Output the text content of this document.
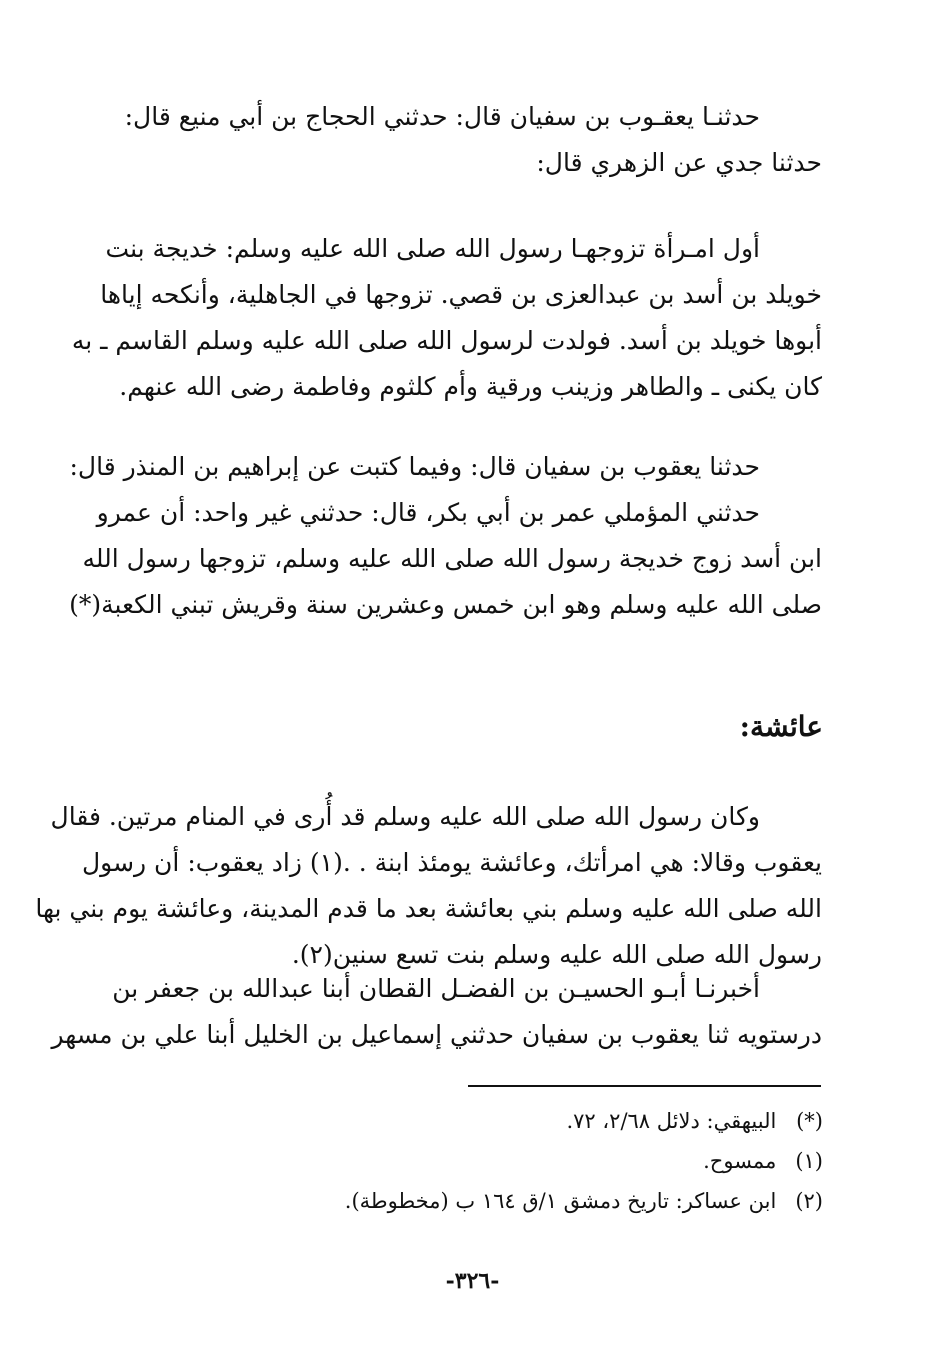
حدثنـا يعقـوب بن سفيان قال: حدثني الحجاج بن أبي منيع قال:
حدثنا جدي عن الزهري قال:
أول امـرأة تزوجهـا رسول الله صلى الله عليه وسلم: خديجة بنت
خويلد بن أسد بن عبدالعزى بن قصي. تزوجها في الجاهلية، وأنكحه إياها
أبوها خويلد بن أسد. فولدت لرسول الله صلى الله عليه وسلم القاسم ـ به
كان يكنى ـ والطاهر وزينب ورقية وأم كلثوم وفاطمة رضى الله عنهم.
حدثنا يعقوب بن سفيان قال: وفيما كتبت عن إبراهيم بن المنذر قال:
حدثني المؤملي عمر بن أبي بكر، قال: حدثني غير واحد: أن عمرو
ابن أسد زوج خديجة رسول الله صلى الله عليه وسلم، تزوجها رسول الله
صلى الله عليه وسلم وهو ابن خمس وعشرين سنة وقريش تبني الكعبة(*)
عائشة:
وكان رسول الله صلى الله عليه وسلم قد أُرى في المنام مرتين. فقال
يعقوب وقالا: هي امرأتك، وعائشة يومئذ ابنة . .(١) زاد يعقوب: أن رسول
الله صلى الله عليه وسلم بني بعائشة بعد ما قدم المدينة، وعائشة يوم بني بها
رسول الله صلى الله عليه وسلم بنت تسع سنين(٢).
أخبرنـا أبـو الحسيـن بن الفضـل القطان أبنا عبدالله بن جعفر بن
درستويه ثنا يعقوب بن سفيان حدثني إسماعيل بن الخليل أبنا علي بن مسهر
(*) البيهقي: دلائل ٢/٦٨، ٧٢.
(١) ممسوح.
(٢) ابن عساكر: تاريخ دمشق ١/ق ١٦٤ ب (مخطوطة).
-٣٢٦-
